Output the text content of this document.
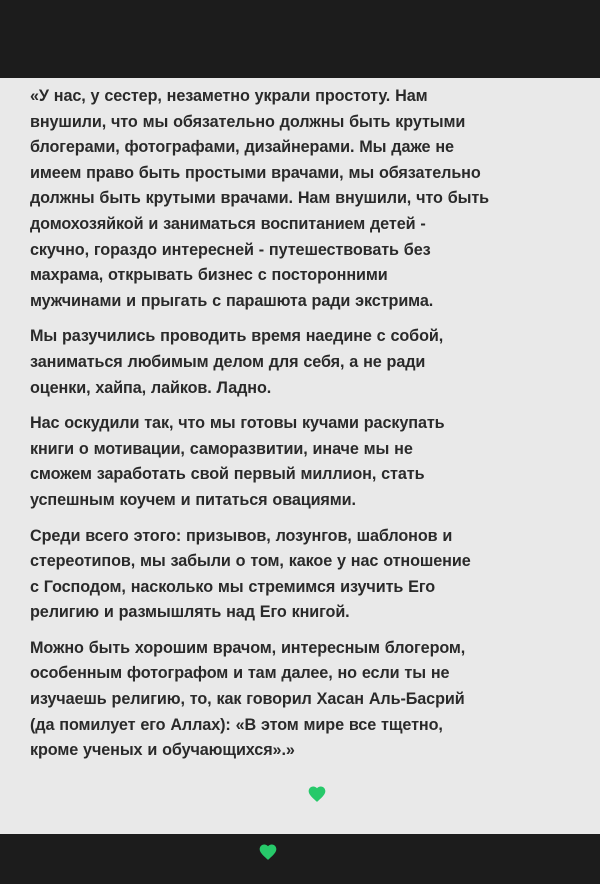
«У нас, у сестер, незаметно украли простоту. Нам
внушили, что мы обязательно должны быть крутыми
блогерами, фотографами, дизайнерами. Мы даже не
имеем право быть простыми врачами, мы обязательно
должны быть крутыми врачами. Нам внушили, что быть
домохозяйкой и заниматься воспитанием детей -
скучно, гораздо интересней - путешествовать без
махрама, открывать бизнес с посторонними
мужчинами и прыгать с парашюта ради экстрима.

Мы разучились проводить время наедине с собой,
заниматься любимым делом для себя, а не ради
оценки, хайпа, лайков. Ладно.

Нас оскудили так, что мы готовы кучами раскупать
книги о мотивации, саморазвитии, иначе мы не
сможем заработать свой первый миллион, стать
успешным коучем и питаться овациями.

Среди всего этого: призывов, лозунгов, шаблонов и
стереотипов, мы забыли о том, какое у нас отношение
с Господом, насколько мы стремимся изучить Его
религию и размышлять над Его книгой.

Можно быть хорошим врачом, интересным блогером,
особенным фотографом и там далее, но если ты не
изучаешь религию, то, как говорил Хасан Аль-Басрий
(да помилует его Аллах): «В этом мире все тщетно,
кроме ученых и обучающихся».»
